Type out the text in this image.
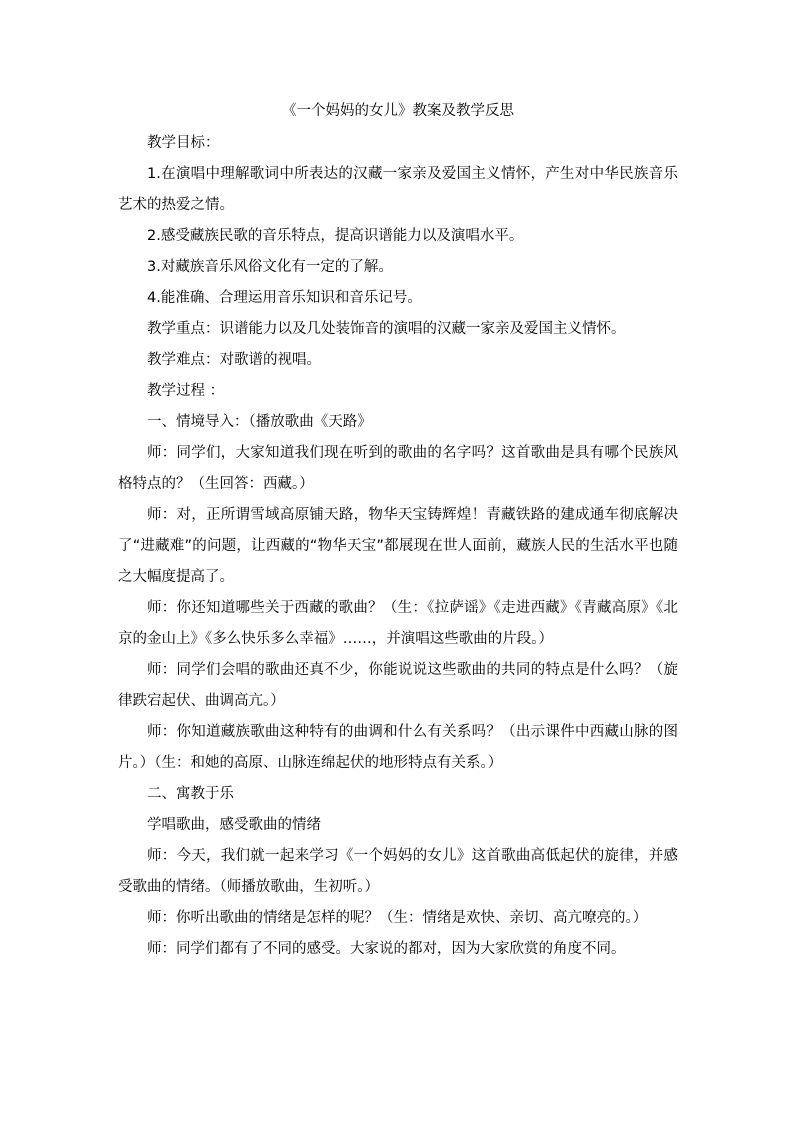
《一个妈妈的女儿》教案及教学反思

教学目标：

1.在演唱中理解歌词中所表达的汉藏一家亲及爱国主义情怀，产生对中华民族音乐艺术的热爱之情。

2.感受藏族民歌的音乐特点，提高识谱能力以及演唱水平。

3.对藏族音乐风俗文化有一定的了解。

4.能准确、合理运用音乐知识和音乐记号。

教学重点：识谱能力以及几处装饰音的演唱的汉藏一家亲及爱国主义情怀。

教学难点：对歌谱的视唱。

教学过程 ：

一、情境导入：（播放歌曲《天路》

师：同学们，大家知道我们现在听到的歌曲的名字吗？这首歌曲是具有哪个民族风格特点的？（生回答：西藏。）

师：对，正所谓雪域高原铺天路，物华天宝铸辉煌！青藏铁路的建成通车彻底解决了“进藏难”的问题，让西藏的“物华天宝”都展现在世人面前，藏族人民的生活水平也随之大幅度提高了。

师：你还知道哪些关于西藏的歌曲？（生：《拉萨谣》《走进西藏》《青藏高原》《北京的金山上》《多么快乐多么幸福》……，并演唱这些歌曲的片段。）

师：同学们会唱的歌曲还真不少，你能说说这些歌曲的共同的特点是什么吗？（旋律跌宕起伏、曲调高亢。）

师：你知道藏族歌曲这种特有的曲调和什么有关系吗？（出示课件中西藏山脉的图片。）（生：和她的高原、山脉连绵起伏的地形特点有关系。）

二、寓教于乐

学唱歌曲，感受歌曲的情绪

师：今天，我们就一起来学习《一个妈妈的女儿》这首歌曲高低起伏的旋律，并感受歌曲的情绪。（师播放歌曲，生初听。）

师：你听出歌曲的情绪是怎样的呢？（生：情绪是欢快、亲切、高亢嘹亮的。）

师：同学们都有了不同的感受。大家说的都对，因为大家欣赏的角度不同。
